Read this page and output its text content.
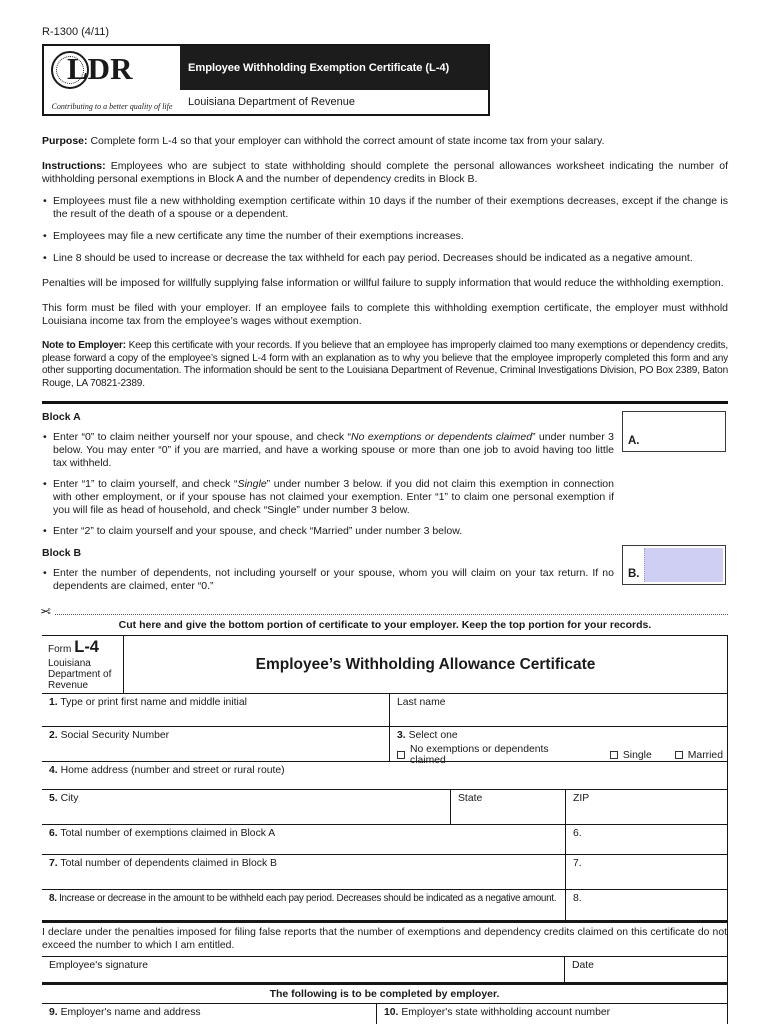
R-1300 (4/11)
LDR
Contributing to a better quality of life
Employee Withholding Exemption Certificate (L-4)
Louisiana Department of Revenue
Purpose: Complete form L-4 so that your employer can withhold the correct amount of state income tax from your salary.
Instructions: Employees who are subject to state withholding should complete the personal allowances worksheet indicating the number of withholding personal exemptions in Block A and the number of dependency credits in Block B.
• Employees must file a new withholding exemption certificate within 10 days if the number of their exemptions decreases, except if the change is the result of the death of a spouse or a dependent.
• Employees may file a new certificate any time the number of their exemptions increases.
• Line 8 should be used to increase or decrease the tax withheld for each pay period. Decreases should be indicated as a negative amount.
Penalties will be imposed for willfully supplying false information or willful failure to supply information that would reduce the withholding exemption.
This form must be filed with your employer. If an employee fails to complete this withholding exemption certificate, the employer must withhold Louisiana income tax from the employee’s wages without exemption.
Note to Employer: Keep this certificate with your records. If you believe that an employee has improperly claimed too many exemptions or dependency credits, please forward a copy of the employee’s signed L-4 form with an explanation as to why you believe that the employee improperly completed this form and any other supporting documentation. The information should be sent to the Louisiana Department of Revenue, Criminal Investigations Division, PO Box 2389, Baton Rouge, LA 70821-2389.
Block A
• Enter “0” to claim neither yourself nor your spouse, and check “No exemptions or dependents claimed” under number 3 below. You may enter “0” if you are married, and have a working spouse or more than one job to avoid having too little tax withheld.
• Enter “1” to claim yourself, and check “Single” under number 3 below. if you did not claim this exemption in connection with other employment, or if your spouse has not claimed your exemption. Enter “1” to claim one personal exemption if you will file as head of household, and check “Single” under number 3 below.
• Enter “2” to claim yourself and your spouse, and check “Married” under number 3 below.
A.
Block B
• Enter the number of dependents, not including yourself or your spouse, whom you will claim on your tax return. If no dependents are claimed, enter “0.”
B.
✂
Cut here and give the bottom portion of certificate to your employer. Keep the top portion for your records.
Form L-4
Louisiana
Department of
Revenue
Employee’s Withholding Allowance Certificate
1. Type or print first name and middle initial	Last name
2. Social Security Number	3. Select one
No exemptions or dependents claimed	Single	Married
4. Home address (number and street or rural route)
5. City	State	ZIP
6. Total number of exemptions claimed in Block A	6.
7. Total number of dependents claimed in Block B	7.
8. Increase or decrease in the amount to be withheld each pay period. Decreases should be indicated as a negative amount.	8.
I declare under the penalties imposed for filing false reports that the number of exemptions and dependency credits claimed on this certificate do not exceed the number to which I am entitled.
Employee's signature	Date
The following is to be completed by employer.
9. Employer's name and address	10. Employer's state withholding account number
